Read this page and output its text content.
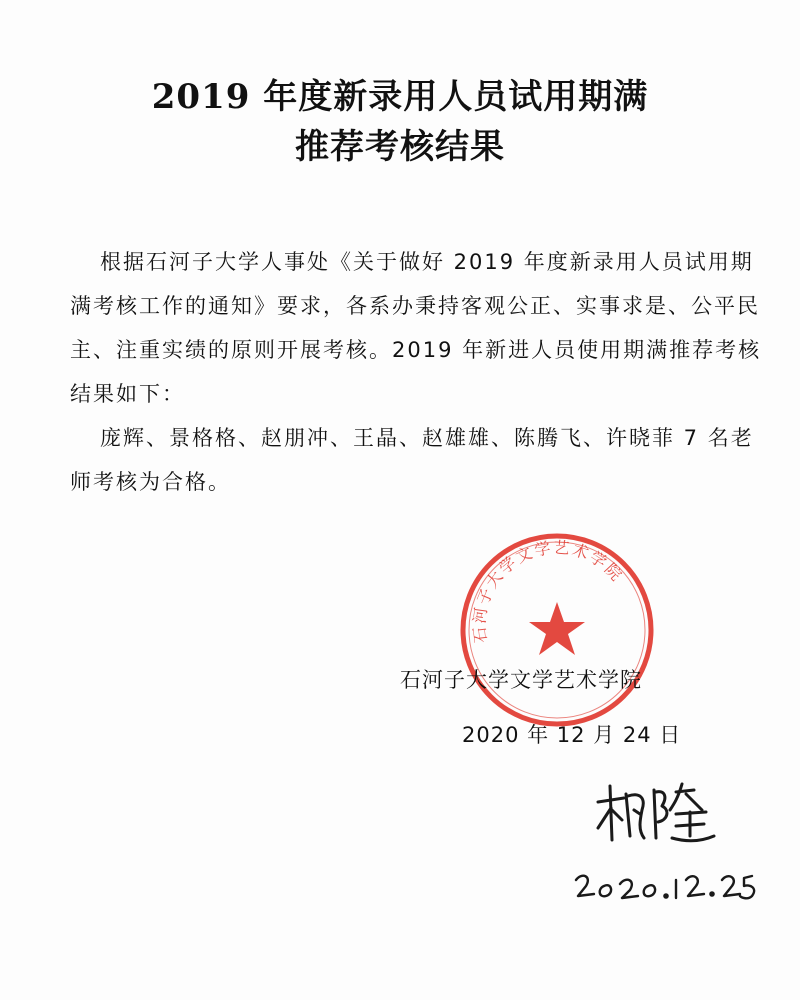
2019 年度新录用人员试用期满
推荐考核结果

根据石河子大学人事处《关于做好 2019 年度新录用人员试用期满考核工作的通知》要求，各系办秉持客观公正、实事求是、公平民主、注重实绩的原则开展考核。2019 年新进人员使用期满推荐考核结果如下：

庞辉、景格格、赵朋冲、王晶、赵雄雄、陈腾飞、许晓菲 7 名老师考核为合格。

石河子大学文学艺术学院
石河子大学文学艺术学院
2020 年 12 月 24 日
